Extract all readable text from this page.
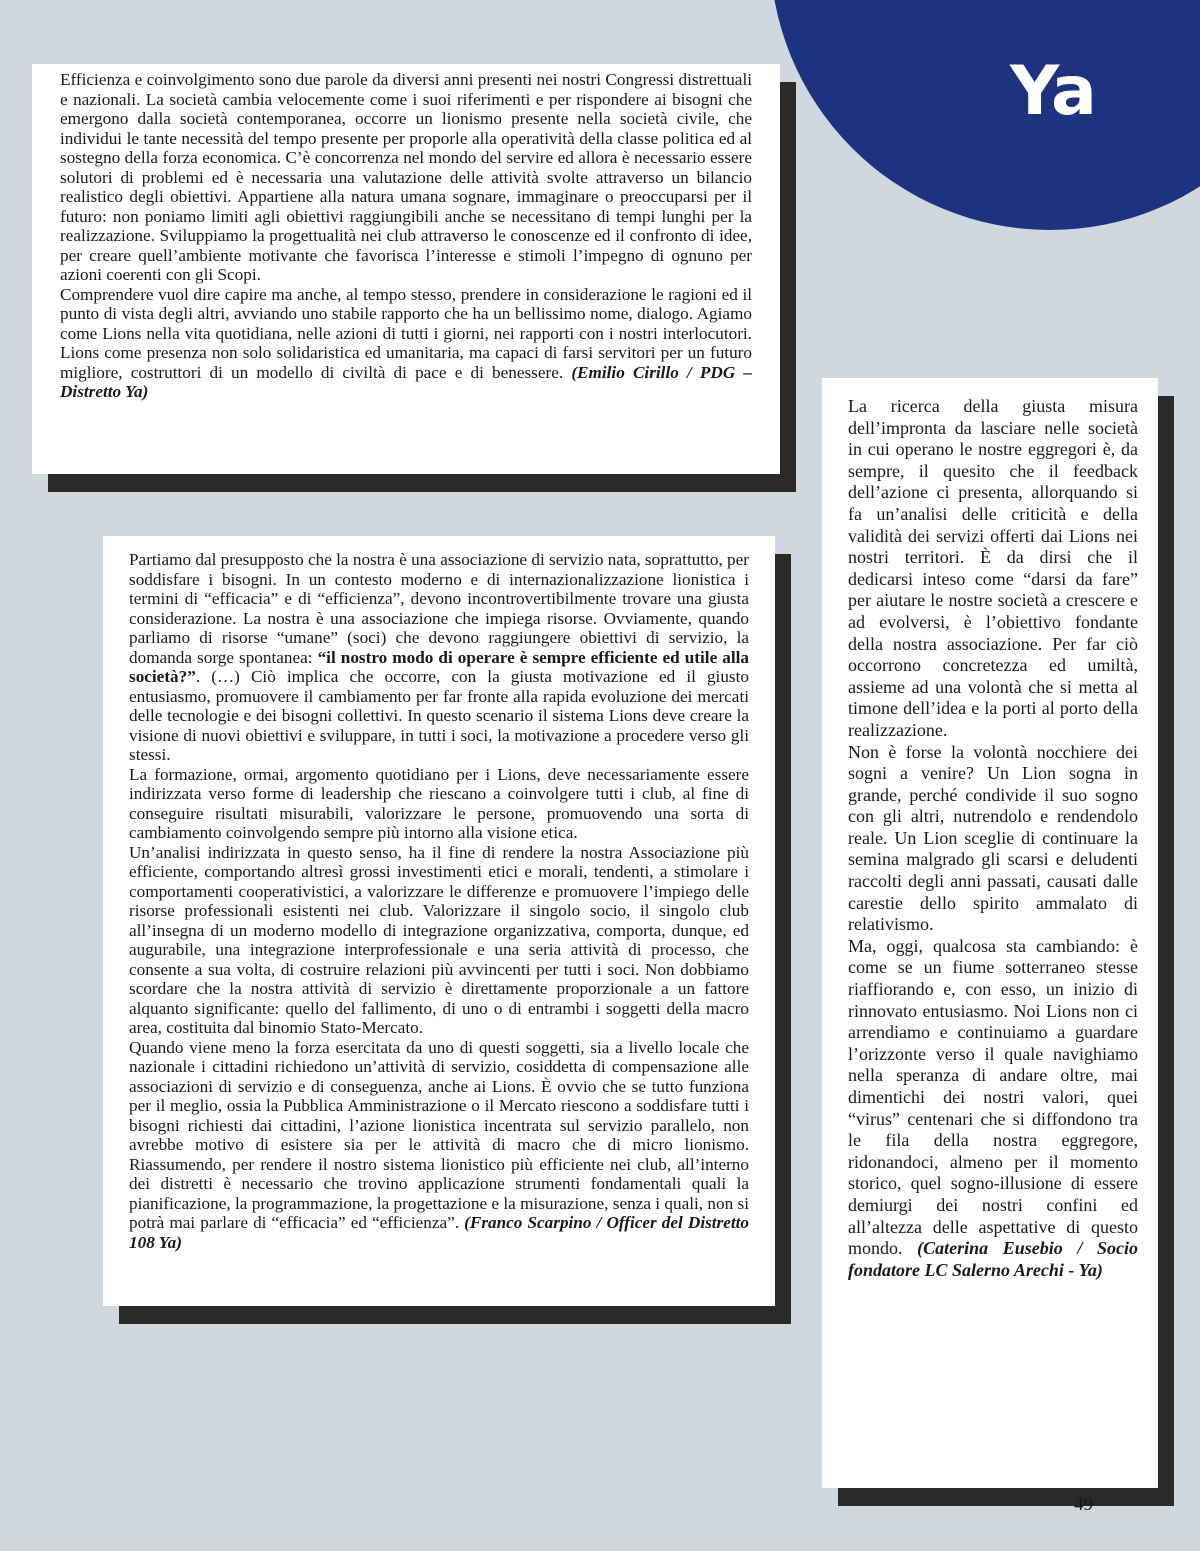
Ya

Efficienza e coinvolgimento sono due parole da diversi anni presenti nei nostri Congressi distrettuali e nazionali. La società cambia velocemente come i suoi riferimenti e per rispondere ai bisogni che emergono dalla società contemporanea, occorre un lionismo presente nella società civile, che individui le tante necessità del tempo presente per proporle alla operatività della classe politica ed al sostegno della forza economica. C’è concorrenza nel mondo del servire ed allora è necessario essere solutori di problemi ed è necessaria una valutazione delle attività svolte attraverso un bilancio realistico degli obiettivi. Appartiene alla natura umana sognare, immaginare o preoccuparsi per il futuro: non poniamo limiti agli obiettivi raggiungibili anche se necessitano di tempi lunghi per la realizzazione. Sviluppiamo la progettualità nei club attraverso le conoscenze ed il confronto di idee, per creare quell’ambiente motivante che favorisca l’interesse e stimoli l’impegno di ognuno per azioni coerenti con gli Scopi.

Comprendere vuol dire capire ma anche, al tempo stesso, prendere in considerazione le ragioni ed il punto di vista degli altri, avviando uno stabile rapporto che ha un bellissimo nome, dialogo. Agiamo come Lions nella vita quotidiana, nelle azioni di tutti i giorni, nei rapporti con i nostri interlocutori. Lions come presenza non solo solidaristica ed umanitaria, ma capaci di farsi servitori per un futuro migliore, costruttori di un modello di civiltà di pace e di benessere. (Emilio Cirillo / PDG – Distretto Ya)

Partiamo dal presupposto che la nostra è una associazione di servizio nata, soprattutto, per soddisfare i bisogni. In un contesto moderno e di internazionalizzazione lionistica i termini di “efficacia” e di “efficienza”, devono incontrovertibilmente trovare una giusta considerazione. La nostra è una associazione che impiega risorse. Ovviamente, quando parliamo di risorse “umane” (soci) che devono raggiungere obiettivi di servizio, la domanda sorge spontanea: “il nostro modo di operare è sempre efficiente ed utile alla società?”. (…) Ciò implica che occorre, con la giusta motivazione ed il giusto entusiasmo, promuovere il cambiamento per far fronte alla rapida evoluzione dei mercati delle tecnologie e dei bisogni collettivi. In questo scenario il sistema Lions deve creare la visione di nuovi obiettivi e sviluppare, in tutti i soci, la motivazione a procedere verso gli stessi.

La formazione, ormai, argomento quotidiano per i Lions, deve necessariamente essere indirizzata verso forme di leadership che riescano a coinvolgere tutti i club, al fine di conseguire risultati misurabili, valorizzare le persone, promuovendo una sorta di cambiamento coinvolgendo sempre più intorno alla visione etica.

Un’analisi indirizzata in questo senso, ha il fine di rendere la nostra Associazione più efficiente, comportando altresì grossi investimenti etici e morali, tendenti, a stimolare i comportamenti cooperativistici, a valorizzare le differenze e promuovere l’impiego delle risorse professionali esistenti nei club. Valorizzare il singolo socio, il singolo club all’insegna di un moderno modello di integrazione organizzativa, comporta, dunque, ed augurabile, una integrazione interprofessionale e una seria attività di processo, che consente a sua volta, di costruire relazioni più avvincenti per tutti i soci. Non dobbiamo scordare che la nostra attività di servizio è direttamente proporzionale a un fattore alquanto significante: quello del fallimento, di uno o di entrambi i soggetti della macro area, costituita dal binomio Stato-Mercato.

Quando viene meno la forza esercitata da uno di questi soggetti, sia a livello locale che nazionale i cittadini richiedono un’attività di servizio, cosiddetta di compensazione alle associazioni di servizio e di conseguenza, anche ai Lions. È ovvio che se tutto funziona per il meglio, ossia la Pubblica Amministrazione o il Mercato riescono a soddisfare tutti i bisogni richiesti dai cittadini, l’azione lionistica incentrata sul servizio parallelo, non avrebbe motivo di esistere sia per le attività di macro che di micro lionismo. Riassumendo, per rendere il nostro sistema lionistico più efficiente nei club, all’interno dei distretti è necessario che trovino applicazione strumenti fondamentali quali la pianificazione, la programmazione, la progettazione e la misurazione, senza i quali, non si potrà mai parlare di “efficacia” ed “efficienza”. (Franco Scarpino / Officer del Distretto 108 Ya)

La ricerca della giusta misura dell’impronta da lasciare nelle società in cui operano le nostre eggregori è, da sempre, il quesito che il feedback dell’azione ci presenta, allorquando si fa un’analisi delle criticità e della validità dei servizi offerti dai Lions nei nostri territori. È da dirsi che il dedicarsi inteso come “darsi da fare” per aiutare le nostre società a crescere e ad evolversi, è l’obiettivo fondante della nostra associazione. Per far ciò occorrono concretezza ed umiltà, assieme ad una volontà che si metta al timone dell’idea e la porti al porto della realizzazione.

Non è forse la volontà nocchiere dei sogni a venire? Un Lion sogna in grande, perché condivide il suo sogno con gli altri, nutrendolo e rendendolo reale. Un Lion sceglie di continuare la semina malgrado gli scarsi e deludenti raccolti degli anni passati, causati dalle carestie dello spirito ammalato di relativismo.

Ma, oggi, qualcosa sta cambiando: è come se un fiume sotterraneo stesse riaffiorando e, con esso, un inizio di rinnovato entusiasmo. Noi Lions non ci arrendiamo e continuiamo a guardare l’orizzonte verso il quale navighiamo nella speranza di andare oltre, mai dimentichi dei nostri valori, quei “virus” centenari che si diffondono tra le fila della nostra eggregore, ridonandoci, almeno per il momento storico, quel sogno-illusione di essere demiurgi dei nostri confini ed all’altezza delle aspettative di questo mondo. (Caterina Eusebio / Socio fondatore LC Salerno Arechi - Ya)

49
